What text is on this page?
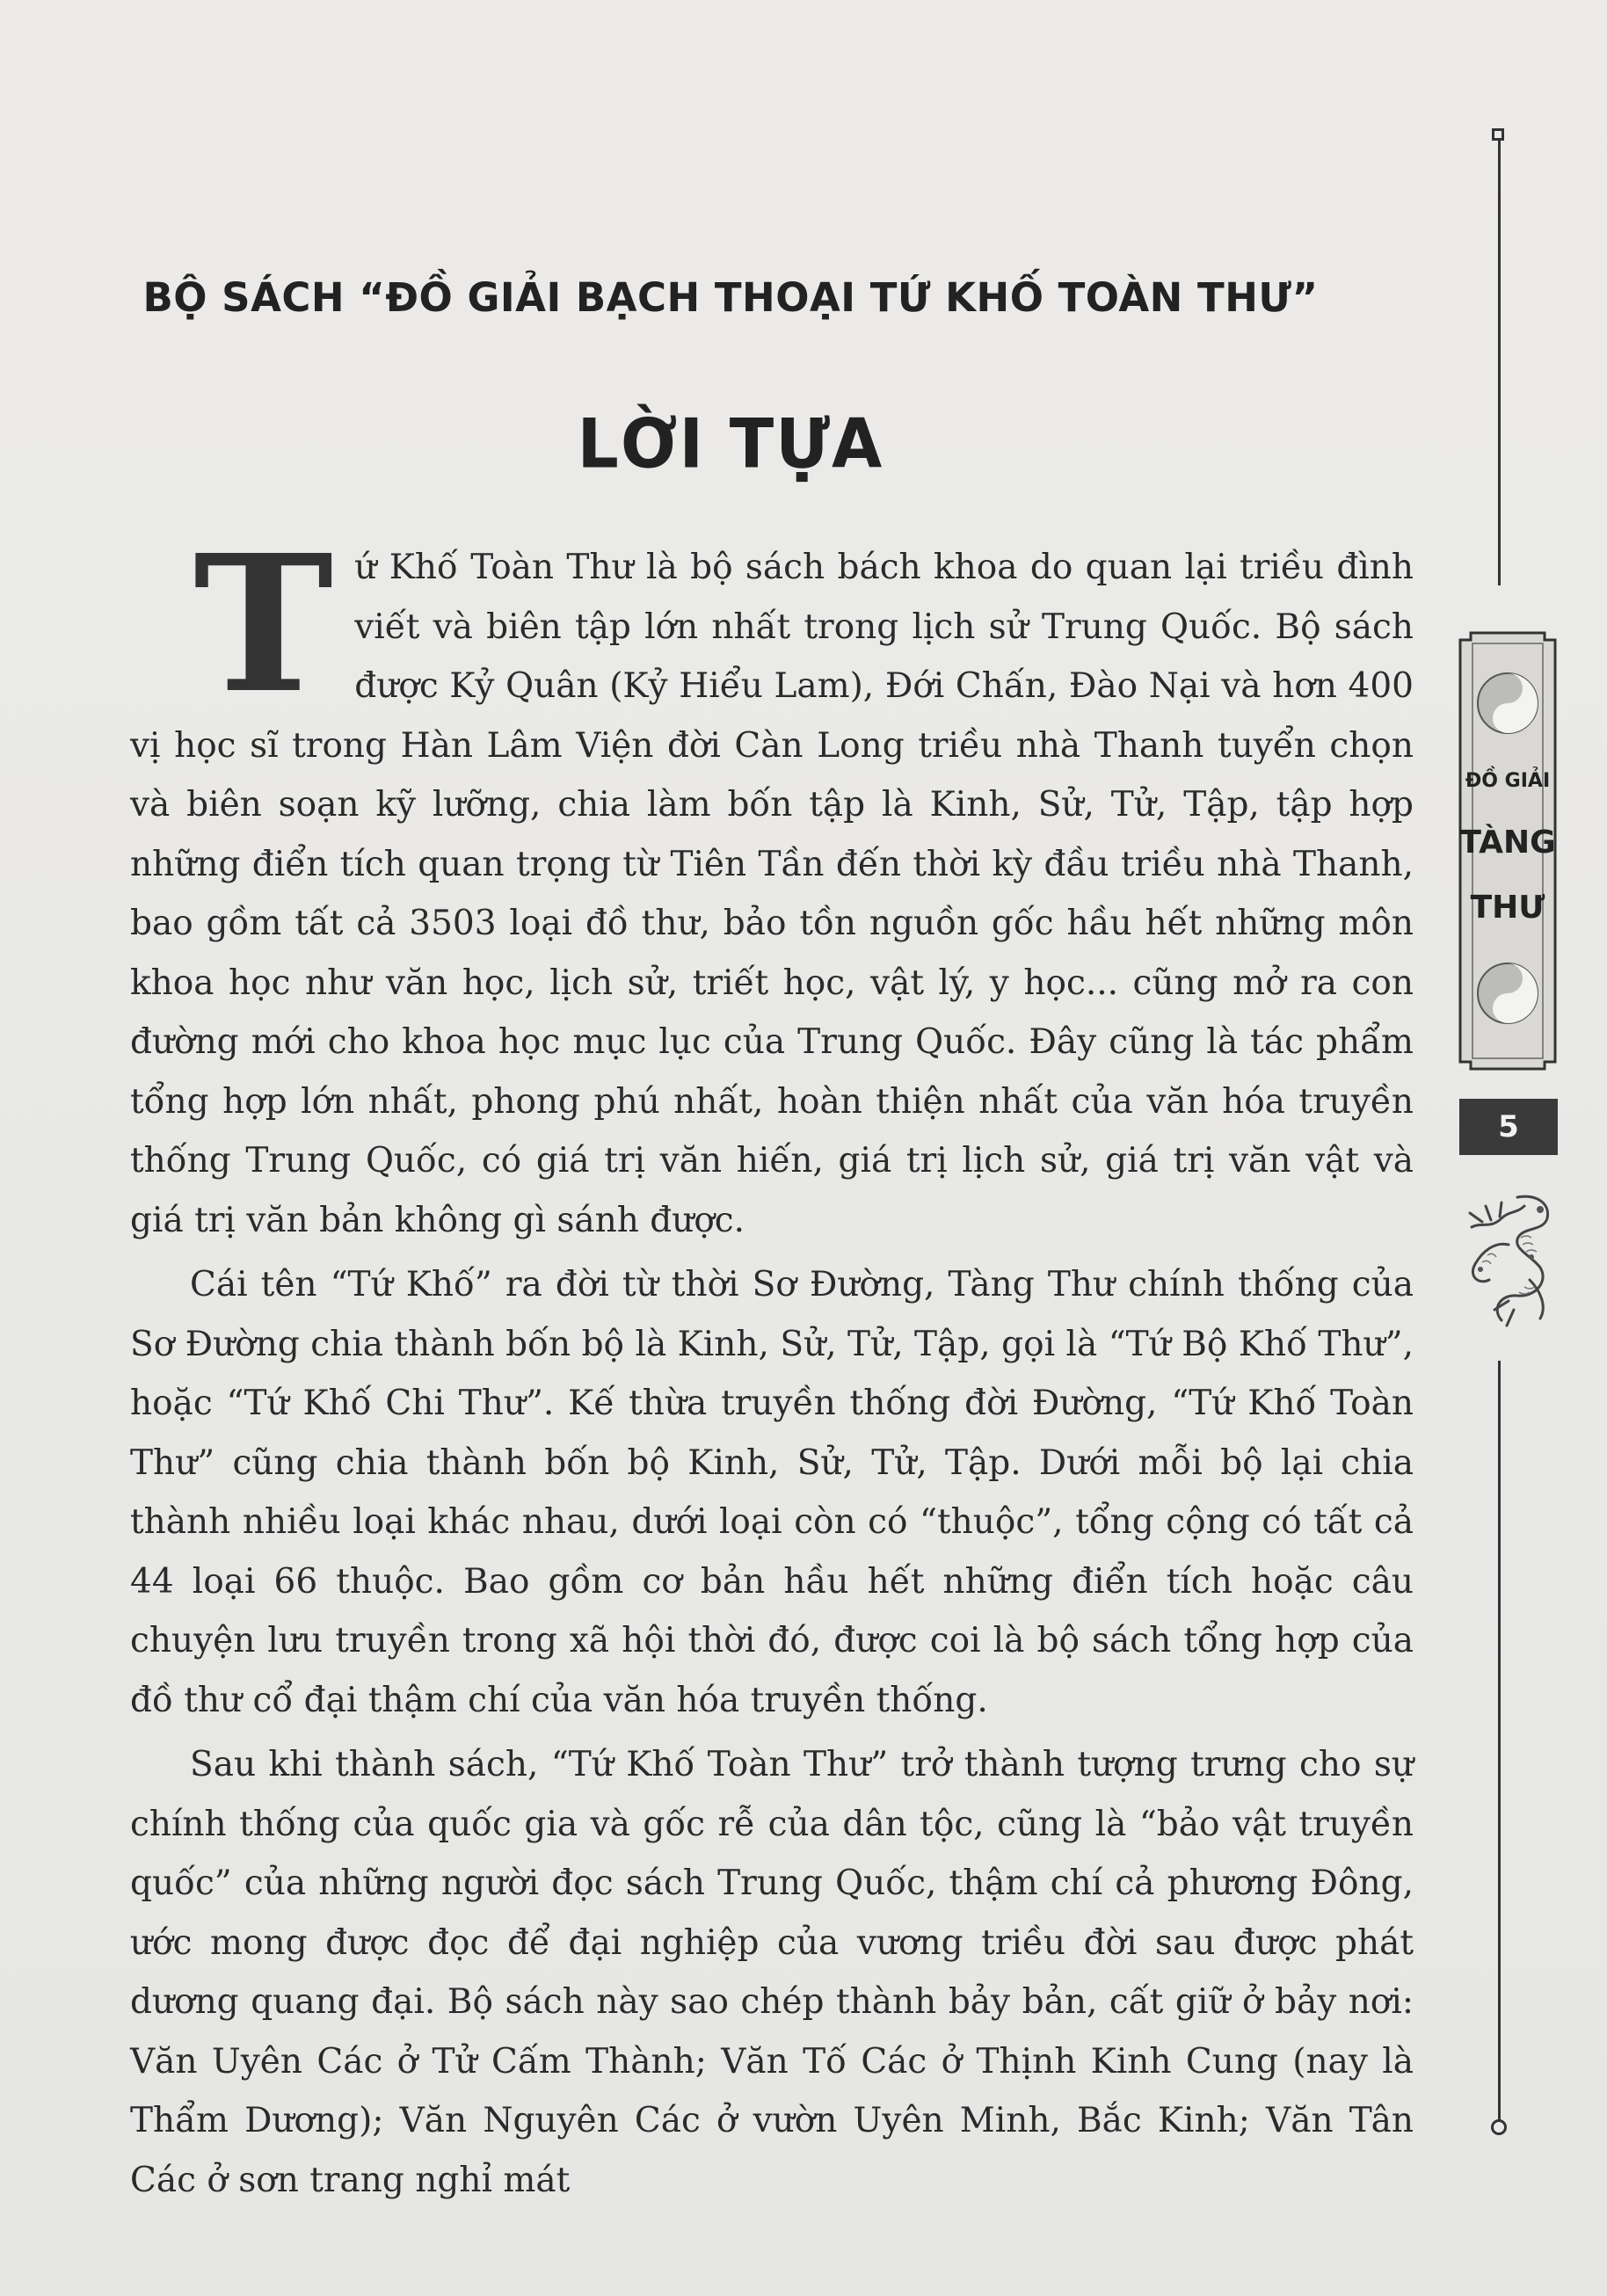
BỘ SÁCH “ĐỒ GIẢI BẠCH THOẠI TỨ KHỐ TOÀN THƯ”
LỜI TỰA

Tứ Khố Toàn Thư là bộ sách bách khoa do quan lại triều đình viết và biên tập lớn nhất trong lịch sử Trung Quốc. Bộ sách được Kỷ Quân (Kỷ Hiểu Lam), Đới Chấn, Đào Nại và hơn 400 vị học sĩ trong Hàn Lâm Viện đời Càn Long triều nhà Thanh tuyển chọn và biên soạn kỹ lưỡng, chia làm bốn tập là Kinh, Sử, Tử, Tập, tập hợp những điển tích quan trọng từ Tiên Tần đến thời kỳ đầu triều nhà Thanh, bao gồm tất cả 3503 loại đồ thư, bảo tồn nguồn gốc hầu hết những môn khoa học như văn học, lịch sử, triết học, vật lý, y học... cũng mở ra con đường mới cho khoa học mục lục của Trung Quốc. Đây cũng là tác phẩm tổng hợp lớn nhất, phong phú nhất, hoàn thiện nhất của văn hóa truyền thống Trung Quốc, có giá trị văn hiến, giá trị lịch sử, giá trị văn vật và giá trị văn bản không gì sánh được.

Cái tên “Tứ Khố” ra đời từ thời Sơ Đường, Tàng Thư chính thống của Sơ Đường chia thành bốn bộ là Kinh, Sử, Tử, Tập, gọi là “Tứ Bộ Khố Thư”, hoặc “Tứ Khố Chi Thư”. Kế thừa truyền thống đời Đường, “Tứ Khố Toàn Thư” cũng chia thành bốn bộ Kinh, Sử, Tử, Tập. Dưới mỗi bộ lại chia thành nhiều loại khác nhau, dưới loại còn có “thuộc”, tổng cộng có tất cả 44 loại 66 thuộc. Bao gồm cơ bản hầu hết những điển tích hoặc câu chuyện lưu truyền trong xã hội thời đó, được coi là bộ sách tổng hợp của đồ thư cổ đại thậm chí của văn hóa truyền thống.

Sau khi thành sách, “Tứ Khố Toàn Thư” trở thành tượng trưng cho sự chính thống của quốc gia và gốc rễ của dân tộc, cũng là “bảo vật truyền quốc” của những người đọc sách Trung Quốc, thậm chí cả phương Đông, ước mong được đọc để đại nghiệp của vương triều đời sau được phát dương quang đại. Bộ sách này sao chép thành bảy bản, cất giữ ở bảy nơi: Văn Uyên Các ở Tử Cấm Thành; Văn Tố Các ở Thịnh Kinh Cung (nay là Thẩm Dương); Văn Nguyên Các ở vườn Uyên Minh, Bắc Kinh; Văn Tân Các ở sơn trang nghỉ mát

ĐỒ GIẢI
TÀNG
THƯ
5
